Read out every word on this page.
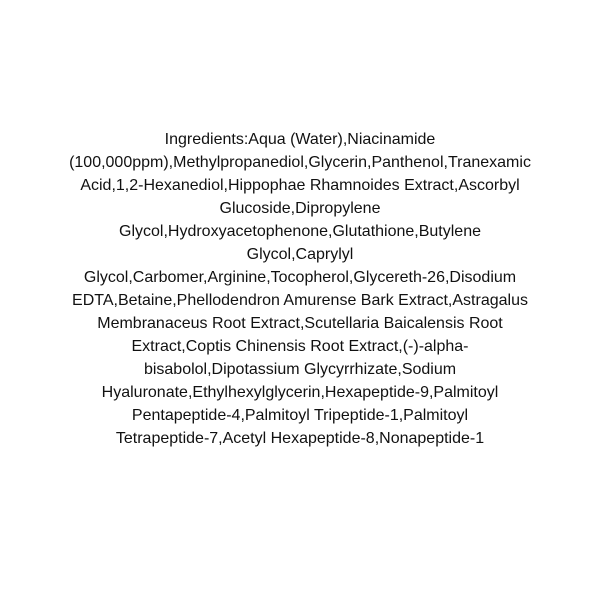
Ingredients:Aqua (Water),Niacinamide
(100,000ppm),Methylpropanediol,Glycerin,Panthenol,Tranexamic
Acid,1,2-Hexanediol,Hippophae Rhamnoides Extract,Ascorbyl
Glucoside,Dipropylene
Glycol,Hydroxyacetophenone,Glutathione,Butylene
Glycol,Caprylyl
Glycol,Carbomer,Arginine,Tocopherol,Glycereth-26,Disodium
EDTA,Betaine,Phellodendron Amurense Bark Extract,Astragalus
Membranaceus Root Extract,Scutellaria Baicalensis Root
Extract,Coptis Chinensis Root Extract,(-)-alpha-
bisabolol,Dipotassium Glycyrrhizate,Sodium
Hyaluronate,Ethylhexylglycerin,Hexapeptide-9,Palmitoyl
Pentapeptide-4,Palmitoyl Tripeptide-1,Palmitoyl
Tetrapeptide-7,Acetyl Hexapeptide-8,Nonapeptide-1
